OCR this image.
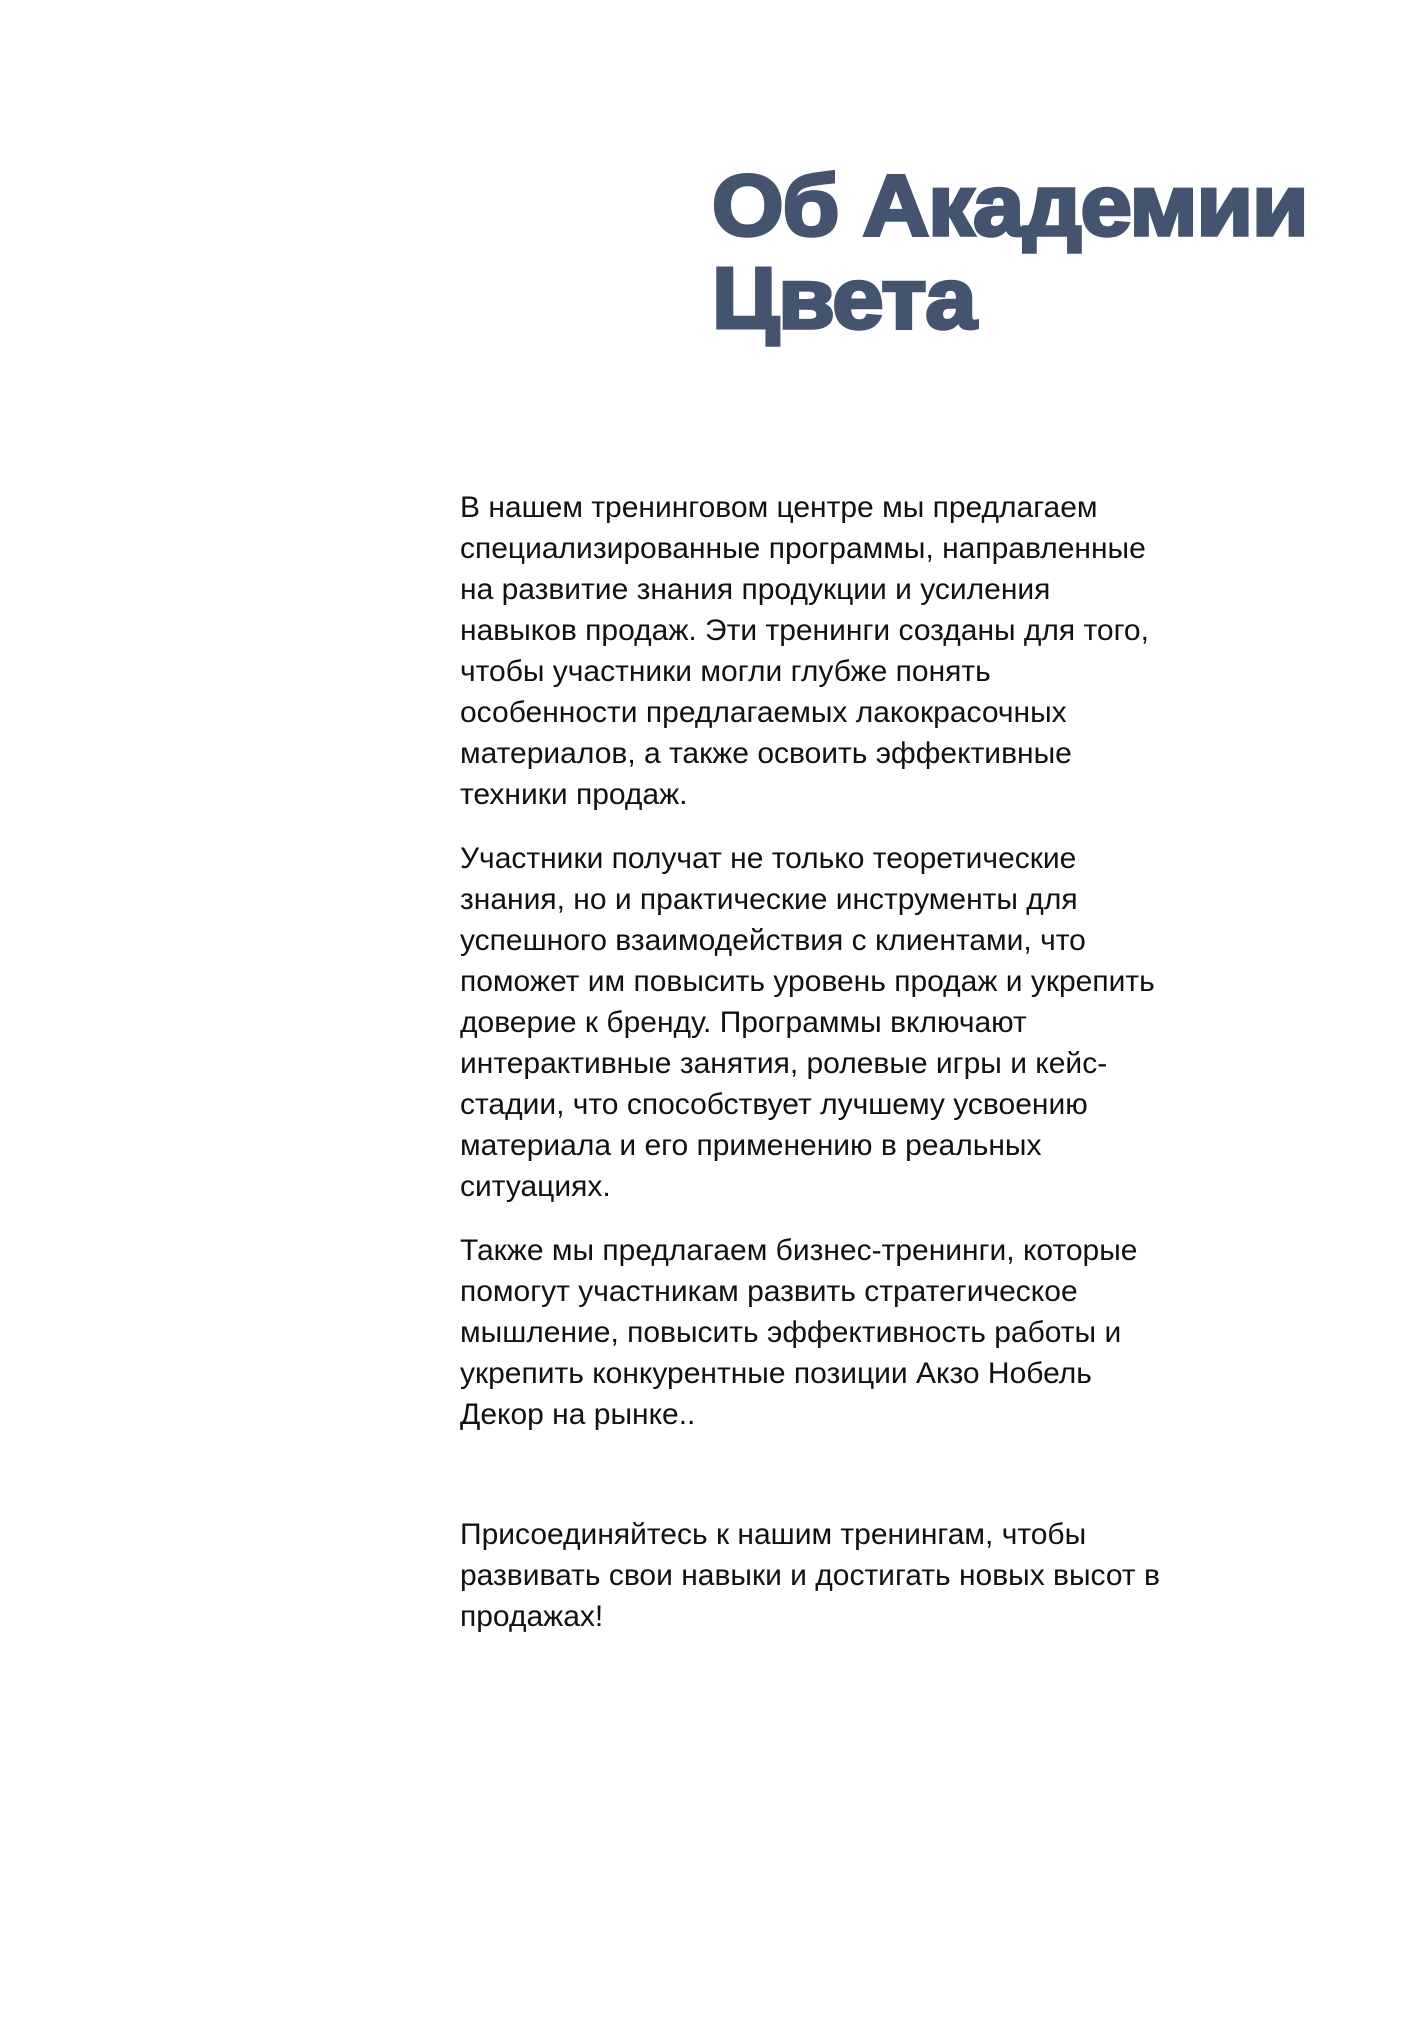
Об Академии
Цвета

В нашем тренинговом центре мы предлагаем
специализированные программы, направленные
на развитие знания продукции и усиления
навыков продаж. Эти тренинги созданы для того,
чтобы участники могли глубже понять
особенности предлагаемых лакокрасочных
материалов, а также освоить эффективные
техники продаж.

Участники получат не только теоретические
знания, но и практические инструменты для
успешного взаимодействия с клиентами, что
поможет им повысить уровень продаж и укрепить
доверие к бренду. Программы включают
интерактивные занятия, ролевые игры и кейс-
стадии, что способствует лучшему усвоению
материала и его применению в реальных
ситуациях.

Также мы предлагаем бизнес-тренинги, которые
помогут участникам развить стратегическое
мышление, повысить эффективность работы и
укрепить конкурентные позиции Акзо Нобель
Декор на рынке..

Присоединяйтесь к нашим тренингам, чтобы
развивать свои навыки и достигать новых высот в
продажах!
